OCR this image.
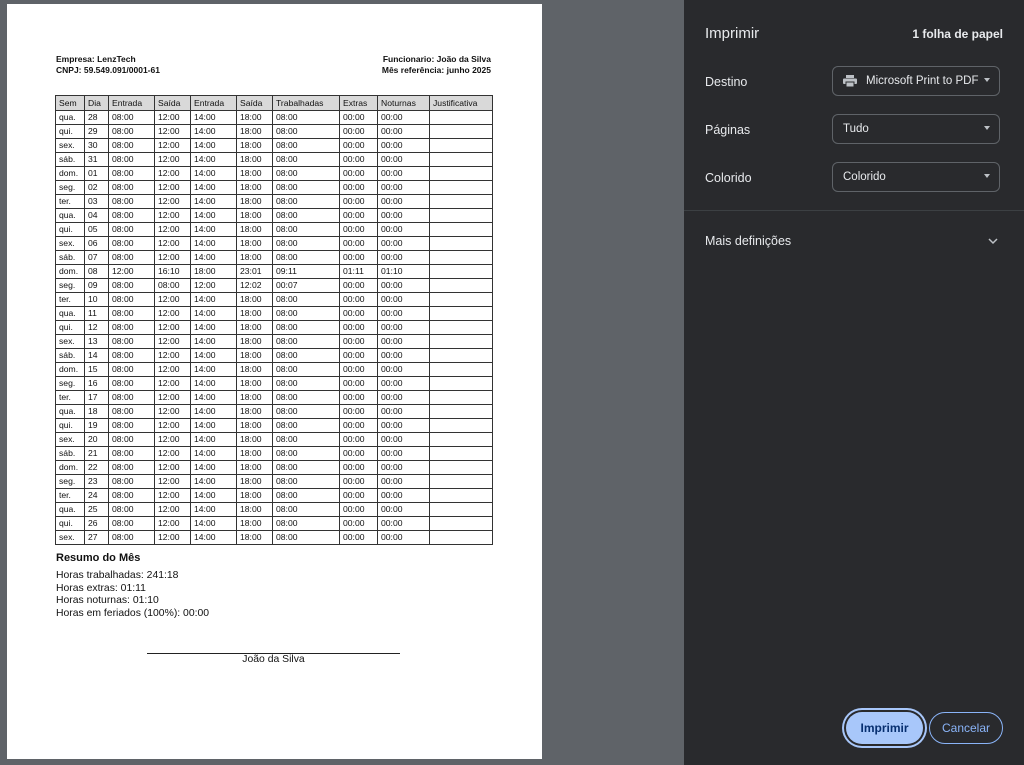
Empresa: LenzTech
CNPJ: 59.549.091/0001-61
Funcionario: João da Silva
Mês referência: junho 2025
Sem	Dia	Entrada	Saída	Entrada	Saída	Trabalhadas	Extras	Noturnas	Justificativa
qua.	28	08:00	12:00	14:00	18:00	08:00	00:00	00:00	
qui.	29	08:00	12:00	14:00	18:00	08:00	00:00	00:00	
sex.	30	08:00	12:00	14:00	18:00	08:00	00:00	00:00	
sáb.	31	08:00	12:00	14:00	18:00	08:00	00:00	00:00	
dom.	01	08:00	12:00	14:00	18:00	08:00	00:00	00:00	
seg.	02	08:00	12:00	14:00	18:00	08:00	00:00	00:00	
ter.	03	08:00	12:00	14:00	18:00	08:00	00:00	00:00	
qua.	04	08:00	12:00	14:00	18:00	08:00	00:00	00:00	
qui.	05	08:00	12:00	14:00	18:00	08:00	00:00	00:00	
sex.	06	08:00	12:00	14:00	18:00	08:00	00:00	00:00	
sáb.	07	08:00	12:00	14:00	18:00	08:00	00:00	00:00	
dom.	08	12:00	16:10	18:00	23:01	09:11	01:11	01:10	
seg.	09	08:00	08:00	12:00	12:02	00:07	00:00	00:00	
ter.	10	08:00	12:00	14:00	18:00	08:00	00:00	00:00	
qua.	11	08:00	12:00	14:00	18:00	08:00	00:00	00:00	
qui.	12	08:00	12:00	14:00	18:00	08:00	00:00	00:00	
sex.	13	08:00	12:00	14:00	18:00	08:00	00:00	00:00	
sáb.	14	08:00	12:00	14:00	18:00	08:00	00:00	00:00	
dom.	15	08:00	12:00	14:00	18:00	08:00	00:00	00:00	
seg.	16	08:00	12:00	14:00	18:00	08:00	00:00	00:00	
ter.	17	08:00	12:00	14:00	18:00	08:00	00:00	00:00	
qua.	18	08:00	12:00	14:00	18:00	08:00	00:00	00:00	
qui.	19	08:00	12:00	14:00	18:00	08:00	00:00	00:00	
sex.	20	08:00	12:00	14:00	18:00	08:00	00:00	00:00	
sáb.	21	08:00	12:00	14:00	18:00	08:00	00:00	00:00	
dom.	22	08:00	12:00	14:00	18:00	08:00	00:00	00:00	
seg.	23	08:00	12:00	14:00	18:00	08:00	00:00	00:00	
ter.	24	08:00	12:00	14:00	18:00	08:00	00:00	00:00	
qua.	25	08:00	12:00	14:00	18:00	08:00	00:00	00:00	
qui.	26	08:00	12:00	14:00	18:00	08:00	00:00	00:00	
sex.	27	08:00	12:00	14:00	18:00	08:00	00:00	00:00	
Resumo do Mês
Horas trabalhadas: 241:18
Horas extras: 01:11
Horas noturnas: 01:10
Horas em feriados (100%): 00:00
João da Silva
Imprimir	1 folha de papel
Destino	Microsoft Print to PDF
Páginas	Tudo
Colorido	Colorido
Mais definições
Imprimir	Cancelar
